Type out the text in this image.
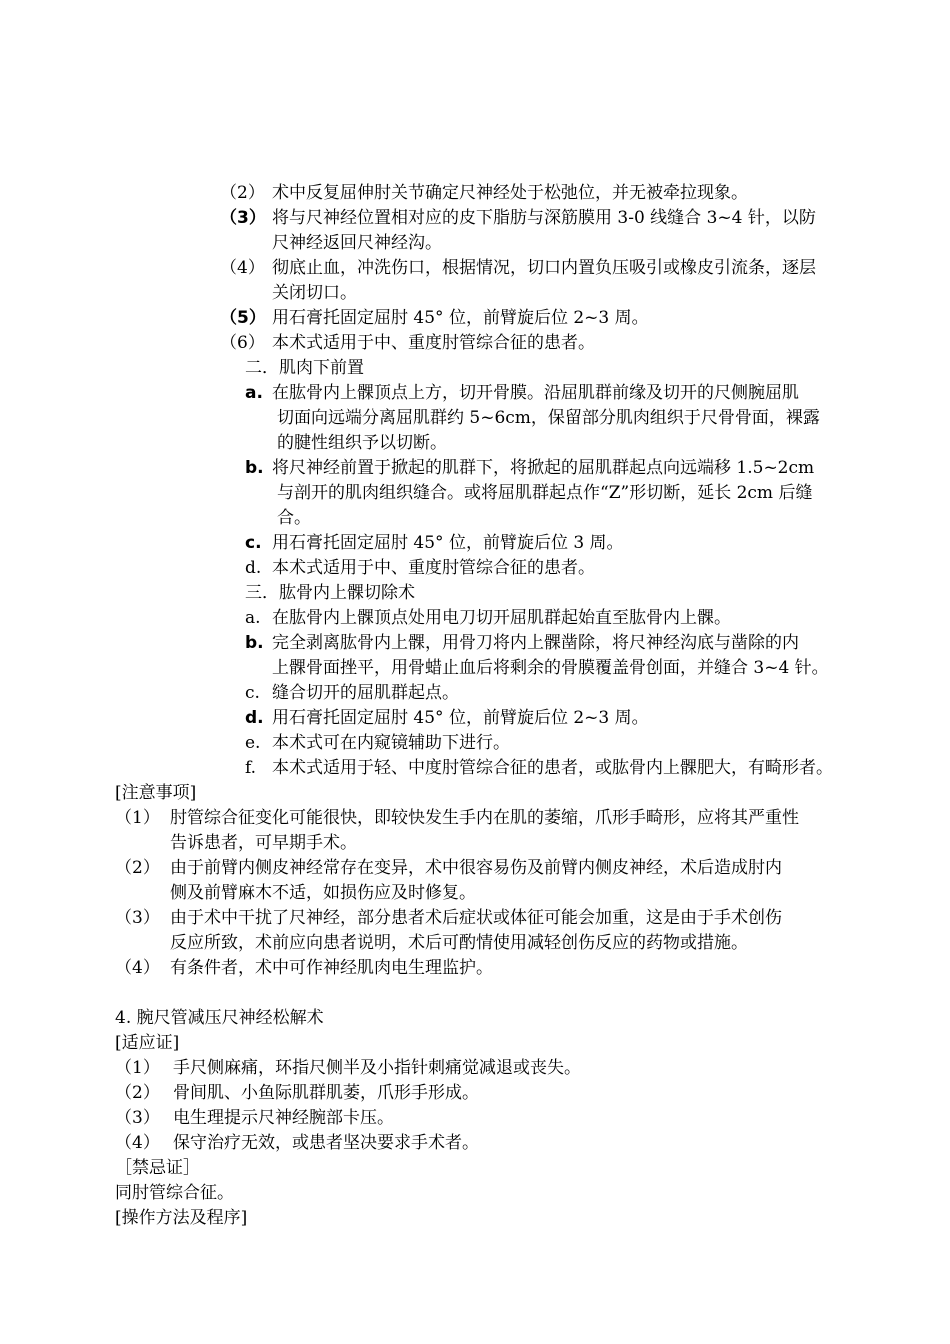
（2） 术中反复屈伸肘关节确定尺神经处于松弛位，并无被牵拉现象。
（3） 将与尺神经位置相对应的皮下脂肪与深筋膜用 3-0 线缝合 3~4 针，以防
尺神经返回尺神经沟。
（4） 彻底止血，冲洗伤口，根据情况，切口内置负压吸引或橡皮引流条，逐层
关闭切口。
（5） 用石膏托固定屈肘 45° 位，前臂旋后位 2~3 周。
（6） 本术式适用于中、重度肘管综合征的患者。
二．肌肉下前置
a. 在肱骨内上髁顶点上方，切开骨膜。沿屈肌群前缘及切开的尺侧腕屈肌
切面向远端分离屈肌群约 5~6cm，保留部分肌肉组织于尺骨骨面，裸露
的腱性组织予以切断。
b. 将尺神经前置于掀起的肌群下，将掀起的屈肌群起点向远端移 1.5~2cm
与剖开的肌肉组织缝合。或将屈肌群起点作“Z”形切断，延长 2cm 后缝
合。
c. 用石膏托固定屈肘 45° 位，前臂旋后位 3 周。
d. 本术式适用于中、重度肘管综合征的患者。
三．肱骨内上髁切除术
a. 在肱骨内上髁顶点处用电刀切开屈肌群起始直至肱骨内上髁。
b. 完全剥离肱骨内上髁，用骨刀将内上髁凿除，将尺神经沟底与凿除的内
上髁骨面挫平，用骨蜡止血后将剩余的骨膜覆盖骨创面，并缝合 3~4 针。
c. 缝合切开的屈肌群起点。
d. 用石膏托固定屈肘 45° 位，前臂旋后位 2~3 周。
e. 本术式可在内窥镜辅助下进行。
f. 本术式适用于轻、中度肘管综合征的患者，或肱骨内上髁肥大，有畸形者。
[注意事项]
（1） 肘管综合征变化可能很快，即较快发生手内在肌的萎缩，爪形手畸形，应将其严重性
告诉患者，可早期手术。
（2） 由于前臂内侧皮神经常存在变异，术中很容易伤及前臂内侧皮神经，术后造成肘内
侧及前臂麻木不适，如损伤应及时修复。
（3） 由于术中干扰了尺神经，部分患者术后症状或体征可能会加重，这是由于手术创伤
反应所致，术前应向患者说明，术后可酌情使用减轻创伤反应的药物或措施。
（4） 有条件者，术中可作神经肌肉电生理监护。
4. 腕尺管减压尺神经松解术
[适应证]
（1） 手尺侧麻痛，环指尺侧半及小指针刺痛觉减退或丧失。
（2） 骨间肌、小鱼际肌群肌萎，爪形手形成。
（3） 电生理提示尺神经腕部卡压。
（4） 保守治疗无效，或患者坚决要求手术者。
［禁忌证］
同肘管综合征。
[操作方法及程序]
